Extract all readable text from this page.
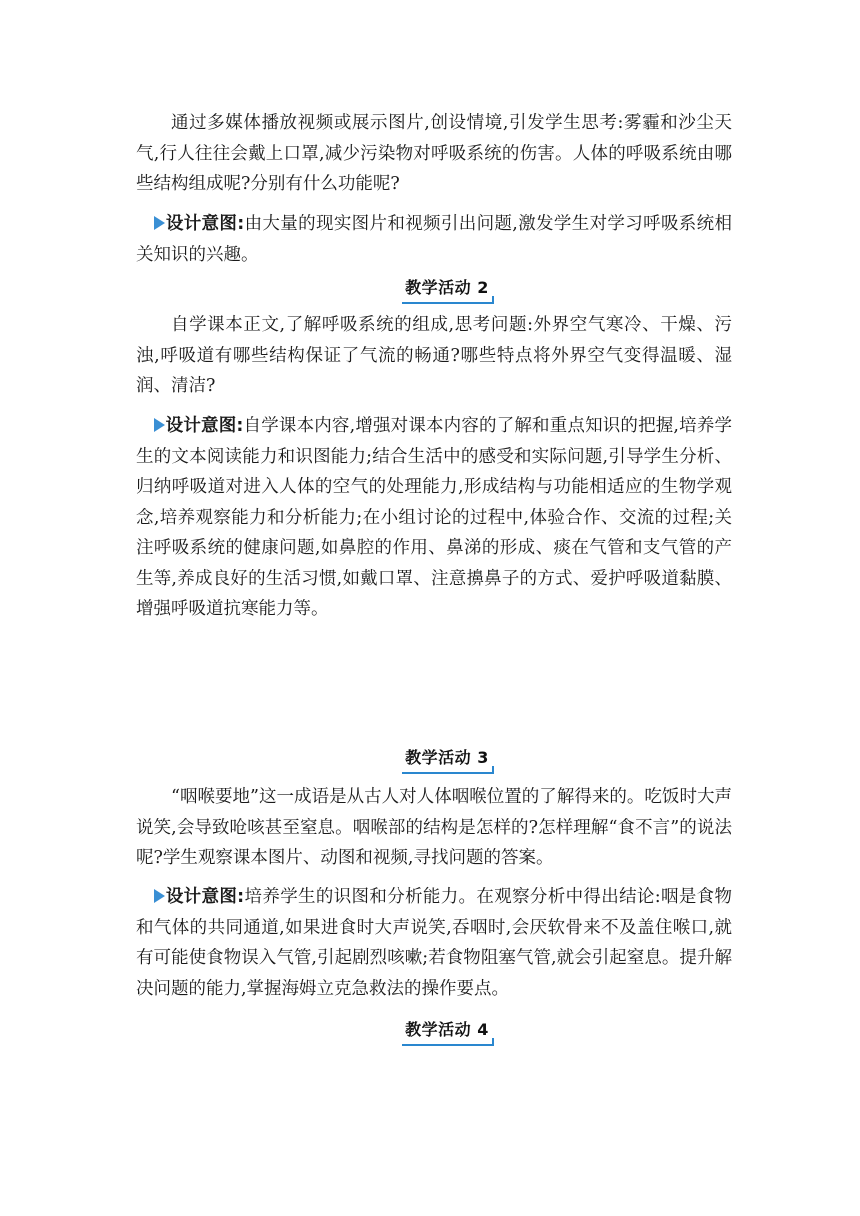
通过多媒体播放视频或展示图片,创设情境,引发学生思考:雾霾和沙尘天气,行人往往会戴上口罩,减少污染物对呼吸系统的伤害。人体的呼吸系统由哪些结构组成呢?分别有什么功能呢?

设计意图:由大量的现实图片和视频引出问题,激发学生对学习呼吸系统相关知识的兴趣。

教学活动 2

自学课本正文,了解呼吸系统的组成,思考问题:外界空气寒冷、干燥、污浊,呼吸道有哪些结构保证了气流的畅通?哪些特点将外界空气变得温暖、湿润、清洁?

设计意图:自学课本内容,增强对课本内容的了解和重点知识的把握,培养学生的文本阅读能力和识图能力;结合生活中的感受和实际问题,引导学生分析、归纳呼吸道对进入人体的空气的处理能力,形成结构与功能相适应的生物学观念,培养观察能力和分析能力;在小组讨论的过程中,体验合作、交流的过程;关注呼吸系统的健康问题,如鼻腔的作用、鼻涕的形成、痰在气管和支气管的产生等,养成良好的生活习惯,如戴口罩、注意擤鼻子的方式、爱护呼吸道黏膜、增强呼吸道抗寒能力等。

教学活动 3

“咽喉要地”这一成语是从古人对人体咽喉位置的了解得来的。吃饭时大声说笑,会导致呛咳甚至窒息。咽喉部的结构是怎样的?怎样理解“食不言”的说法呢?学生观察课本图片、动图和视频,寻找问题的答案。

设计意图:培养学生的识图和分析能力。在观察分析中得出结论:咽是食物和气体的共同通道,如果进食时大声说笑,吞咽时,会厌软骨来不及盖住喉口,就有可能使食物误入气管,引起剧烈咳嗽;若食物阻塞气管,就会引起窒息。提升解决问题的能力,掌握海姆立克急救法的操作要点。

教学活动 4
